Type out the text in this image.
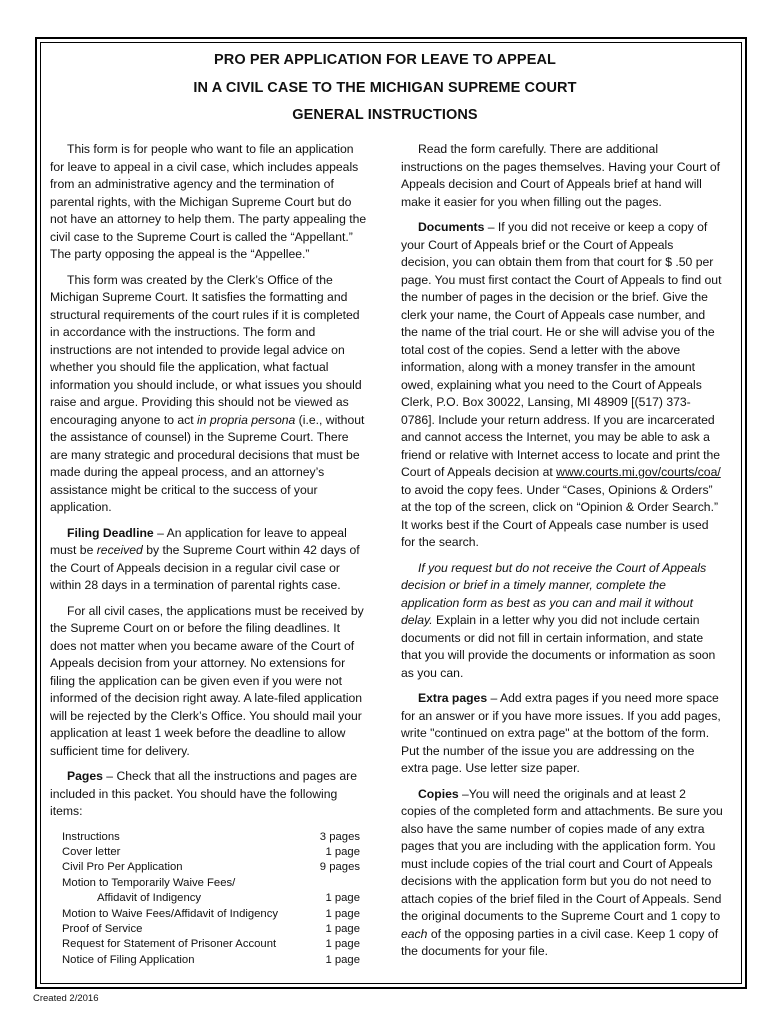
PRO PER APPLICATION FOR LEAVE TO APPEAL
IN A CIVIL CASE TO THE MICHIGAN SUPREME COURT
GENERAL INSTRUCTIONS

This form is for people who want to file an application for leave to appeal in a civil case, which includes appeals from an administrative agency and the termination of parental rights, with the Michigan Supreme Court but do not have an attorney to help them. The party appealing the civil case to the Supreme Court is called the “Appellant.” The party opposing the appeal is the “Appellee.”

This form was created by the Clerk’s Office of the Michigan Supreme Court. It satisfies the formatting and structural requirements of the court rules if it is completed in accordance with the instructions. The form and instructions are not intended to provide legal advice on whether you should file the application, what factual information you should include, or what issues you should raise and argue. Providing this should not be viewed as encouraging anyone to act in propria persona (i.e., without the assistance of counsel) in the Supreme Court. There are many strategic and procedural decisions that must be made during the appeal process, and an attorney’s assistance might be critical to the success of your application.

Filing Deadline – An application for leave to appeal must be received by the Supreme Court within 42 days of the Court of Appeals decision in a regular civil case or within 28 days in a termination of parental rights case.

For all civil cases, the applications must be received by the Supreme Court on or before the filing deadlines. It does not matter when you became aware of the Court of Appeals decision from your attorney. No extensions for filing the application can be given even if you were not informed of the decision right away. A late-filed application will be rejected by the Clerk’s Office. You should mail your application at least 1 week before the deadline to allow sufficient time for delivery.

Pages – Check that all the instructions and pages are included in this packet. You should have the following items:

Instructions	3 pages
Cover letter	1 page
Civil Pro Per Application	9 pages
Motion to Temporarily Waive Fees/	
Affidavit of Indigency	1 page
Motion to Waive Fees/Affidavit of Indigency	1 page
Proof of Service	1 page
Request for Statement of Prisoner Account	1 page
Notice of Filing Application	1 page

Read the form carefully. There are additional instructions on the pages themselves. Having your Court of Appeals decision and Court of Appeals brief at hand will make it easier for you when filling out the pages.

Documents – If you did not receive or keep a copy of your Court of Appeals brief or the Court of Appeals decision, you can obtain them from that court for $ .50 per page. You must first contact the Court of Appeals to find out the number of pages in the decision or the brief. Give the clerk your name, the Court of Appeals case number, and the name of the trial court. He or she will advise you of the total cost of the copies. Send a letter with the above information, along with a money transfer in the amount owed, explaining what you need to the Court of Appeals Clerk, P.O. Box 30022, Lansing, MI 48909 [(517) 373-0786]. Include your return address. If you are incarcerated and cannot access the Internet, you may be able to ask a friend or relative with Internet access to locate and print the Court of Appeals decision at www.courts.mi.gov/courts/coa/ to avoid the copy fees. Under “Cases, Opinions & Orders” at the top of the screen, click on “Opinion & Order Search.” It works best if the Court of Appeals case number is used for the search.

If you request but do not receive the Court of Appeals decision or brief in a timely manner, complete the application form as best as you can and mail it without delay. Explain in a letter why you did not include certain documents or did not fill in certain information, and state that you will provide the documents or information as soon as you can.

Extra pages – Add extra pages if you need more space for an answer or if you have more issues. If you add pages, write "continued on extra page" at the bottom of the form. Put the number of the issue you are addressing on the extra page. Use letter size paper.

Copies –You will need the originals and at least 2 copies of the completed form and attachments. Be sure you also have the same number of copies made of any extra pages that you are including with the application form. You must include copies of the trial court and Court of Appeals decisions with the application form but you do not need to attach copies of the brief filed in the Court of Appeals. Send the original documents to the Supreme Court and 1 copy to each of the opposing parties in a civil case. Keep 1 copy of the documents for your file.

Created 2/2016
